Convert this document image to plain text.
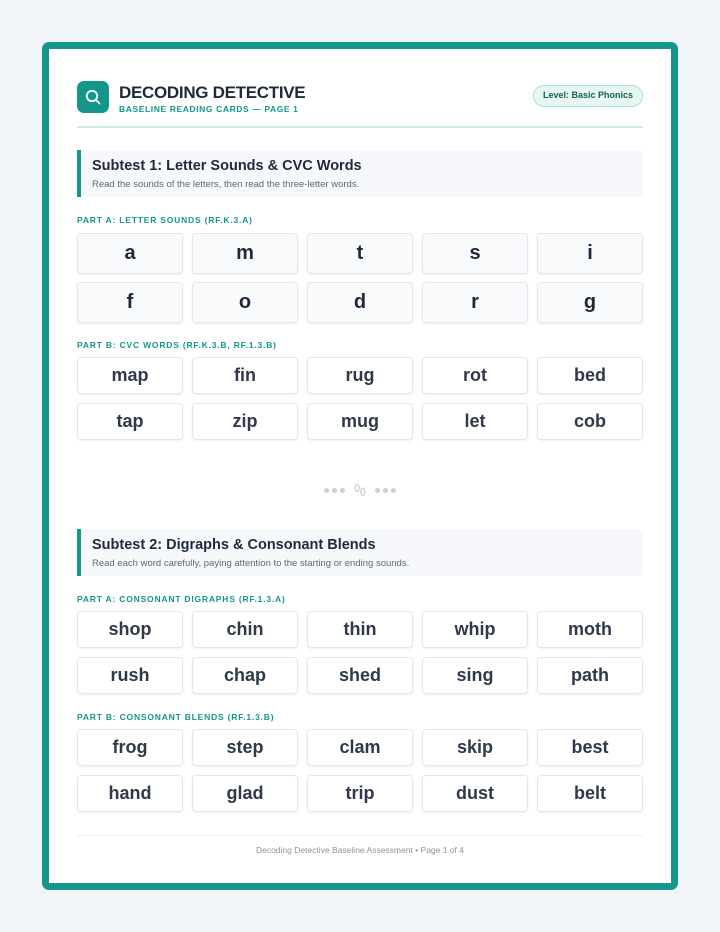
DECODING DETECTIVE
BASELINE READING CARDS — PAGE 1
Level: Basic Phonics
Subtest 1: Letter Sounds & CVC Words
Read the sounds of the letters, then read the three-letter words.
PART A: LETTER SOUNDS (RF.K.3.A)
a	m	t	s	i
f	o	d	r	g
PART B: CVC WORDS (RF.K.3.B, RF.1.3.B)
map	fin	rug	rot	bed
tap	zip	mug	let	cob
Subtest 2: Digraphs & Consonant Blends
Read each word carefully, paying attention to the starting or ending sounds.
PART A: CONSONANT DIGRAPHS (RF.1.3.A)
shop	chin	thin	whip	moth
rush	chap	shed	sing	path
PART B: CONSONANT BLENDS (RF.1.3.B)
frog	step	clam	skip	best
hand	glad	trip	dust	belt
Decoding Detective Baseline Assessment • Page 1 of 4
